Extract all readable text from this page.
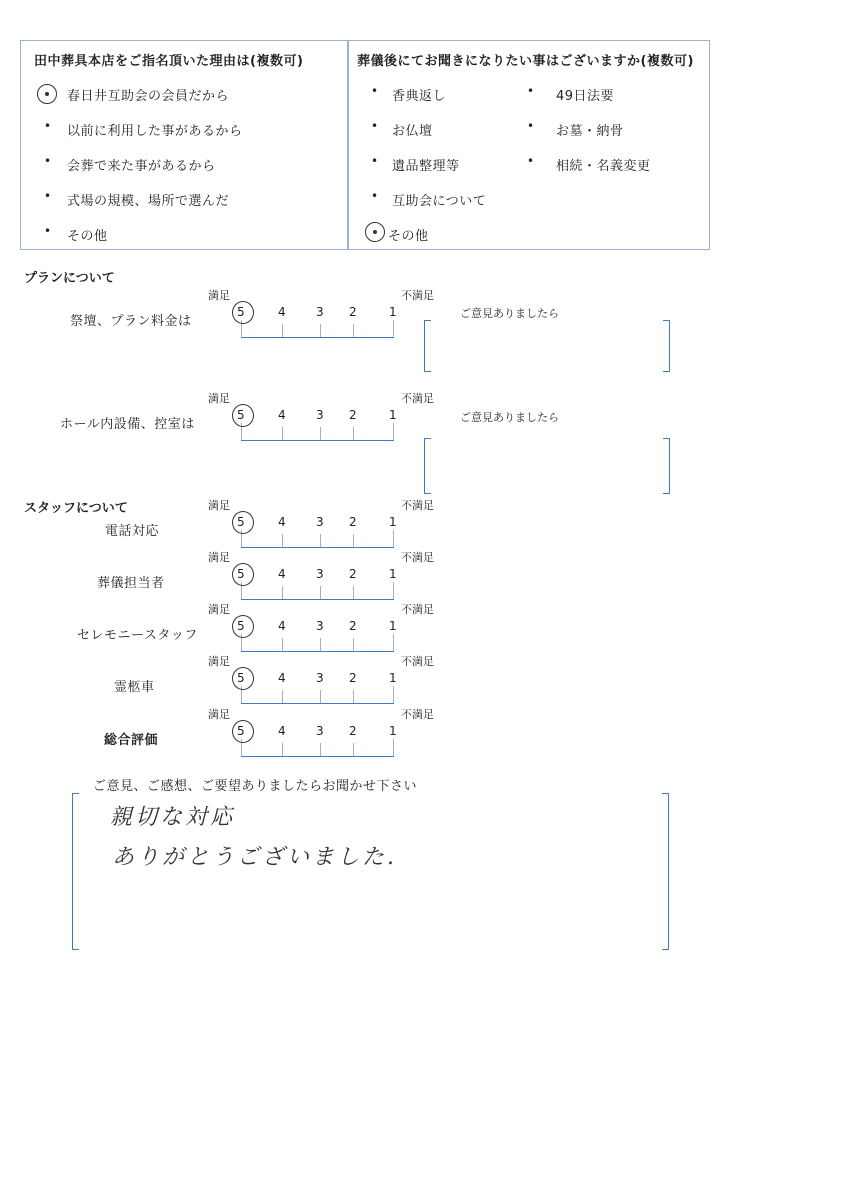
田中葬具本店をご指名頂いた理由は(複数可)	葬儀後にてお聞きになりたい事はございますか(複数可)
春日井互助会の会員だから
• 以前に利用した事があるから
• 会葬で来た事があるから
• 式場の規模、場所で選んだ
• その他
• 香典返し
• お仏壇
• 遺品整理等
• 互助会について
その他
• 49日法要
• お墓・納骨
• 相続・名義変更
プランについて
満足	不満足
祭壇、プラン料金は
5	4	3 2	1
満足	不満足
ホール内設備、控室は
5	4	3 2	1
満足	不満足
電話対応
5	4	3 2	1
満足	不満足
葬儀担当者
5	4	3 2	1
満足	不満足
セレモニースタッフ
5	4	3 2	1
満足	不満足
霊柩車
5	4	3 2	1
満足	不満足
総合評価
5	4	3 2	1
ご意見ありましたら
ご意見ありましたら
スタッフについて
ご意見、ご感想、ご要望ありましたらお聞かせ下さい
親切な対応
ありがとうございました.
